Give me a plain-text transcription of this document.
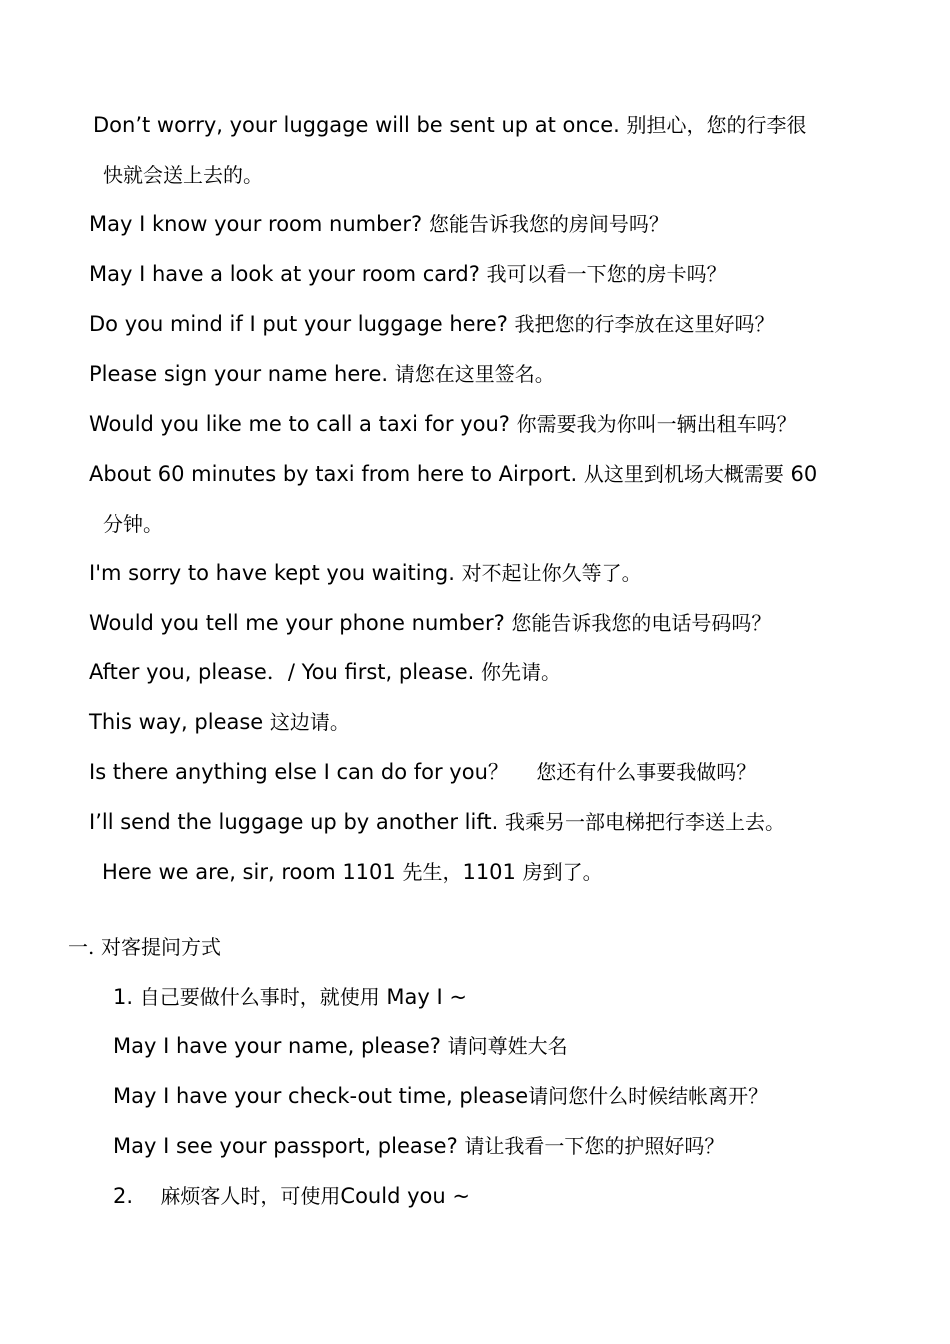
Don’t worry, your luggage will be sent up at once. 别担心，您的行李很
快就会送上去的。
May I know your room number? 您能告诉我您的房间号吗？
May I have a look at your room card? 我可以看一下您的房卡吗？
Do you mind if I put your luggage here? 我把您的行李放在这里好吗？
Please sign your name here. 请您在这里签名。
Would you like me to call a taxi for you? 你需要我为你叫一辆出租车吗？
About 60 minutes by taxi from here to Airport. 从这里到机场大概需要 60
分钟。
I'm sorry to have kept you waiting. 对不起让你久等了。
Would you tell me your phone number? 您能告诉我您的电话号码吗？
After you, please．/ You first, please. 你先请。
This way, please 这边请。
Is there anything else I can do for you？ 您还有什么事要我做吗？
I’ll send the luggage up by another lift. 我乘另一部电梯把行李送上去。
Here we are, sir, room 1101 先生，1101 房到了。
一. 对客提问方式
1. 自己要做什么事时，就使用 May I ~
May I have your name, please? 请问尊姓大名
May I have your check-out time, please请问您什么时候结帐离开？
May I see your passport, please? 请让我看一下您的护照好吗？
2. 麻烦客人时，可使用Could you ~
